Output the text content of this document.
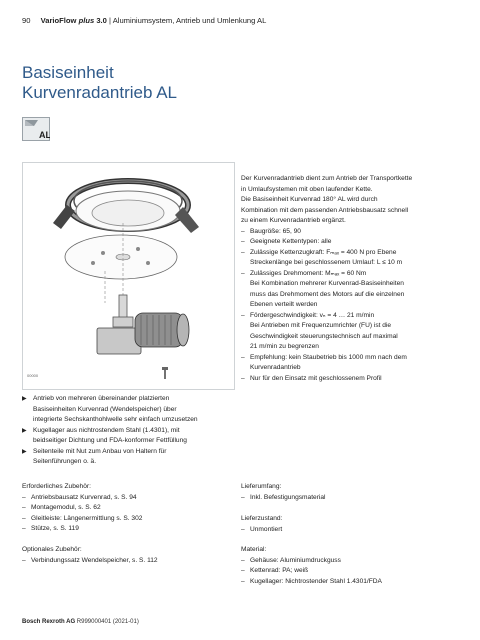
90 VarioFlow plus 3.0 | Aluminiumsystem, Antrieb und Umlenkung AL
Basiseinheit
Kurvenradantrieb AL
AL
00000

Der Kurvenradantrieb dient zum Antrieb der Transportkette

in Umlaufsystemen mit oben laufender Kette.

Die Basiseinheit Kurvenrad 180° AL wird durch

Kombination mit dem passenden Antriebsbausatz schnell

zu einem Kurvenradantrieb ergänzt.

– Baugröße: 65, 90
– Geeignete Kettentypen: alle
– Zulässige Kettenzugkraft: Fₘₐₓ = 400 N pro Ebene
Streckenlänge bei geschlossenem Umlauf: L ≤ 10 m
– Zulässiges Drehmoment: Mₘₐₓ = 60 Nm
Bei Kombination mehrerer Kurvenrad-Basiseinheiten
muss das Drehmoment des Motors auf die einzelnen
Ebenen verteilt werden
– Fördergeschwindigkeit: vₙ = 4 … 21 m/min
Bei Antrieben mit Frequenzumrichter (FU) ist die
Geschwindigkeit steuerungstechnisch auf maximal
21 m/min zu begrenzen
– Empfehlung: kein Staubetrieb bis 1000 mm nach dem
Kurvenradantrieb
– Nur für den Einsatz mit geschlossenem Profil
▶ Antrieb von mehreren übereinander platzierten
Basiseinheiten Kurvenrad (Wendelspeicher) über
integrierte Sechskanthohlwelle sehr einfach umzusetzen
▶ Kugellager aus nichtrostendem Stahl (1.4301), mit
beidseitiger Dichtung und FDA-konformer Fettfüllung
▶ Seitenteile mit Nut zum Anbau von Haltern für
Seitenführungen o. ä.

Erforderliches Zubehör:

– Antriebsbausatz Kurvenrad, s. S. 94
– Montagemodul, s. S. 62
– Gleitleiste: Längenermittlung s. S. 302
– Stütze, s. S. 119

Optionales Zubehör:

– Verbindungssatz Wendelspeicher, s. S. 112

Lieferumfang:

– Inkl. Befestigungsmaterial

Lieferzustand:

– Unmontiert

Material:

– Gehäuse: Aluminiumdruckguss
– Kettenrad: PA; weiß
– Kugellager: Nichtrostender Stahl 1.4301/FDA
Bosch Rexroth AG R999000401 (2021-01)
